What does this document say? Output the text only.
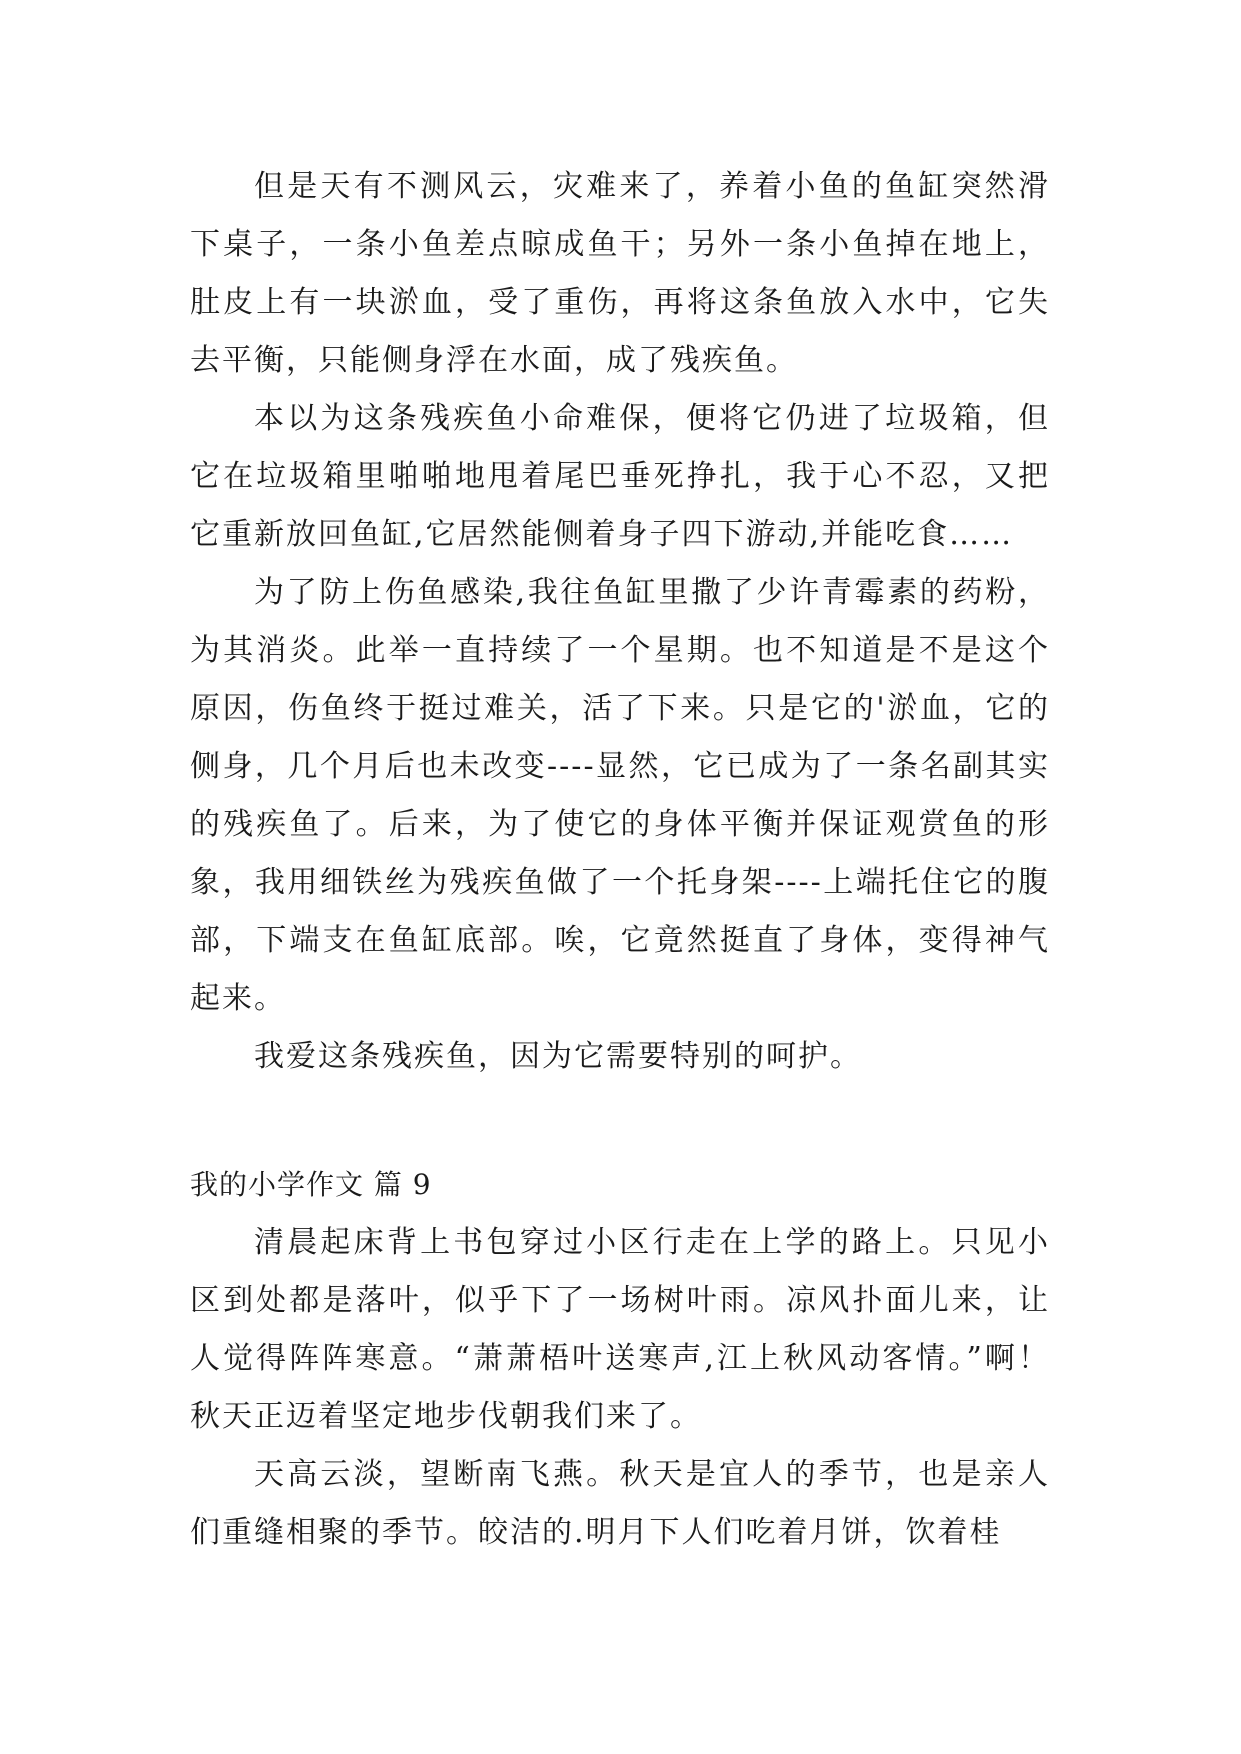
但是天有不测风云，灾难来了，养着小鱼的鱼缸突然滑下桌子，一条小鱼差点晾成鱼干；另外一条小鱼掉在地上，肚皮上有一块淤血，受了重伤，再将这条鱼放入水中，它失去平衡，只能侧身浮在水面，成了残疾鱼。

本以为这条残疾鱼小命难保，便将它仍进了垃圾箱，但它在垃圾箱里啪啪地甩着尾巴垂死挣扎，我于心不忍，又把它重新放回鱼缸,它居然能侧着身子四下游动,并能吃食……

为了防上伤鱼感染,我往鱼缸里撒了少许青霉素的药粉，为其消炎。此举一直持续了一个星期。也不知道是不是这个原因，伤鱼终于挺过难关，活了下来。只是它的'淤血，它的侧身，几个月后也未改变----显然，它已成为了一条名副其实的残疾鱼了。后来，为了使它的身体平衡并保证观赏鱼的形象，我用细铁丝为残疾鱼做了一个托身架----上端托住它的腹部，下端支在鱼缸底部。唉，它竟然挺直了身体，变得神气起来。

我爱这条残疾鱼，因为它需要特别的呵护。

我的小学作文 篇 9

清晨起床背上书包穿过小区行走在上学的路上。只见小区到处都是落叶，似乎下了一场树叶雨。凉风扑面儿来，让人觉得阵阵寒意。“萧萧梧叶送寒声,江上秋风动客情。”啊！秋天正迈着坚定地步伐朝我们来了。

天高云淡，望断南飞燕。秋天是宜人的季节，也是亲人们重缝相聚的季节。皎洁的.明月下人们吃着月饼，饮着桂
